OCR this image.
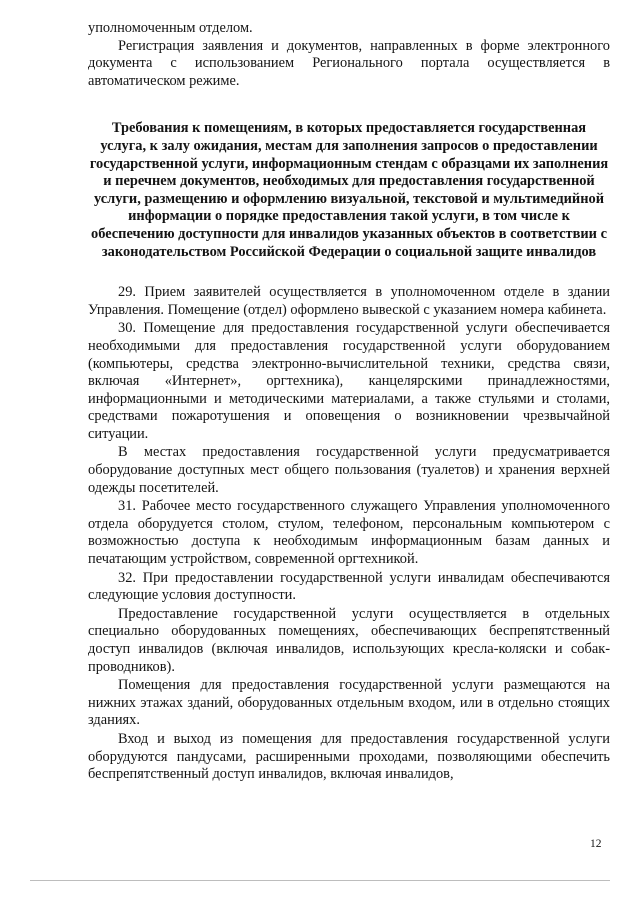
уполномоченным отделом.

Регистрация заявления и документов, направленных в форме электронного документа с использованием Регионального портала осуществляется в автоматическом режиме.

Требования к помещениям, в которых предоставляется государственная услуга, к залу ожидания, местам для заполнения запросов о предоставлении государственной услуги, информационным стендам с образцами их заполнения и перечнем документов, необходимых для предоставления государственной услуги, размещению и оформлению визуальной, текстовой и мультимедийной информации о порядке предоставления такой услуги, в том числе к обеспечению доступности для инвалидов указанных объектов в соответствии с законодательством Российской Федерации о социальной защите инвалидов

29. Прием заявителей осуществляется в уполномоченном отделе в здании Управления. Помещение (отдел) оформлено вывеской с указанием номера кабинета.

30. Помещение для предоставления государственной услуги обеспечивается необходимыми для предоставления государственной услуги оборудованием (компьютеры, средства электронно-вычислительной техники, средства связи, включая «Интернет», оргтехника), канцелярскими принадлежностями, информационными и методическими материалами, а также стульями и столами, средствами пожаротушения и оповещения о возникновении чрезвычайной ситуации.

В местах предоставления государственной услуги предусматривается оборудование доступных мест общего пользования (туалетов) и хранения верхней одежды посетителей.

31. Рабочее место государственного служащего Управления уполномоченного отдела оборудуется столом, стулом, телефоном, персональным компьютером с возможностью доступа к необходимым информационным базам данных и печатающим устройством, современной оргтехникой.

32. При предоставлении государственной услуги инвалидам обеспечиваются следующие условия доступности.

Предоставление государственной услуги осуществляется в отдельных специально оборудованных помещениях, обеспечивающих беспрепятственный доступ инвалидов (включая инвалидов, использующих кресла-коляски и собак-проводников).

Помещения для предоставления государственной услуги размещаются на нижних этажах зданий, оборудованных отдельным входом, или в отдельно стоящих зданиях.

Вход и выход из помещения для предоставления государственной услуги оборудуются пандусами, расширенными проходами, позволяющими обеспечить беспрепятственный доступ инвалидов, включая инвалидов,

12
